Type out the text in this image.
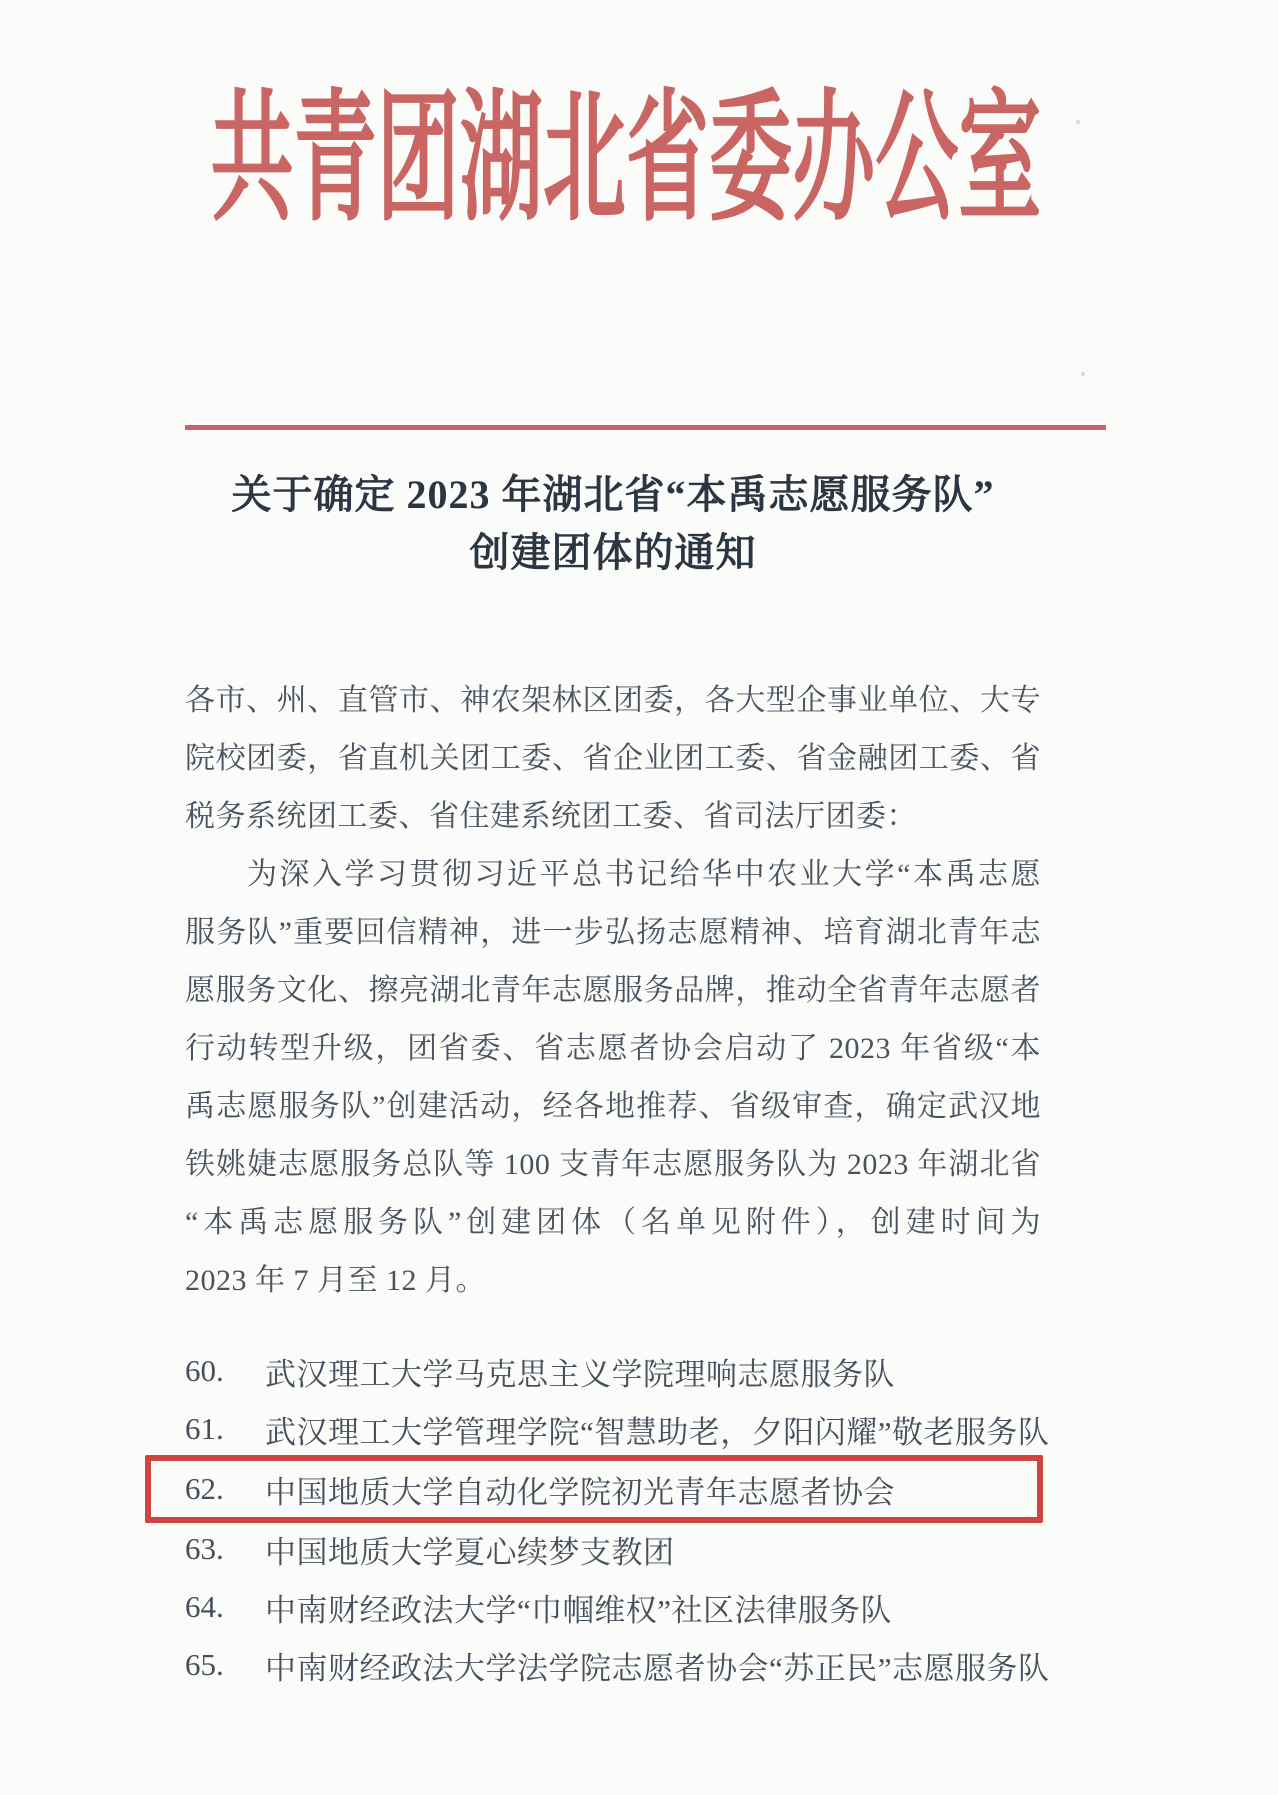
共青团湖北省委办公室
关于确定 2023 年湖北省“本禹志愿服务队”
创建团体的通知
各市、州、直管市、神农架林区团委，各大型企事业单位、大专
院校团委，省直机关团工委、省企业团工委、省金融团工委、省
税务系统团工委、省住建系统团工委、省司法厅团委：
为深入学习贯彻习近平总书记给华中农业大学“本禹志愿
服务队”重要回信精神，进一步弘扬志愿精神、培育湖北青年志
愿服务文化、擦亮湖北青年志愿服务品牌，推动全省青年志愿者
行动转型升级，团省委、省志愿者协会启动了 2023 年省级“本
禹志愿服务队”创建活动，经各地推荐、省级审查，确定武汉地
铁姚婕志愿服务总队等 100 支青年志愿服务队为 2023 年湖北省
“本禹志愿服务队”创建团体（名单见附件），创建时间为
2023 年 7 月至 12 月。
60.	武汉理工大学马克思主义学院理响志愿服务队
61.	武汉理工大学管理学院“智慧助老，夕阳闪耀”敬老服务队
62.	中国地质大学自动化学院初光青年志愿者协会
63.	中国地质大学夏心续梦支教团
64.	中南财经政法大学“巾帼维权”社区法律服务队
65.	中南财经政法大学法学院志愿者协会“苏正民”志愿服务队
